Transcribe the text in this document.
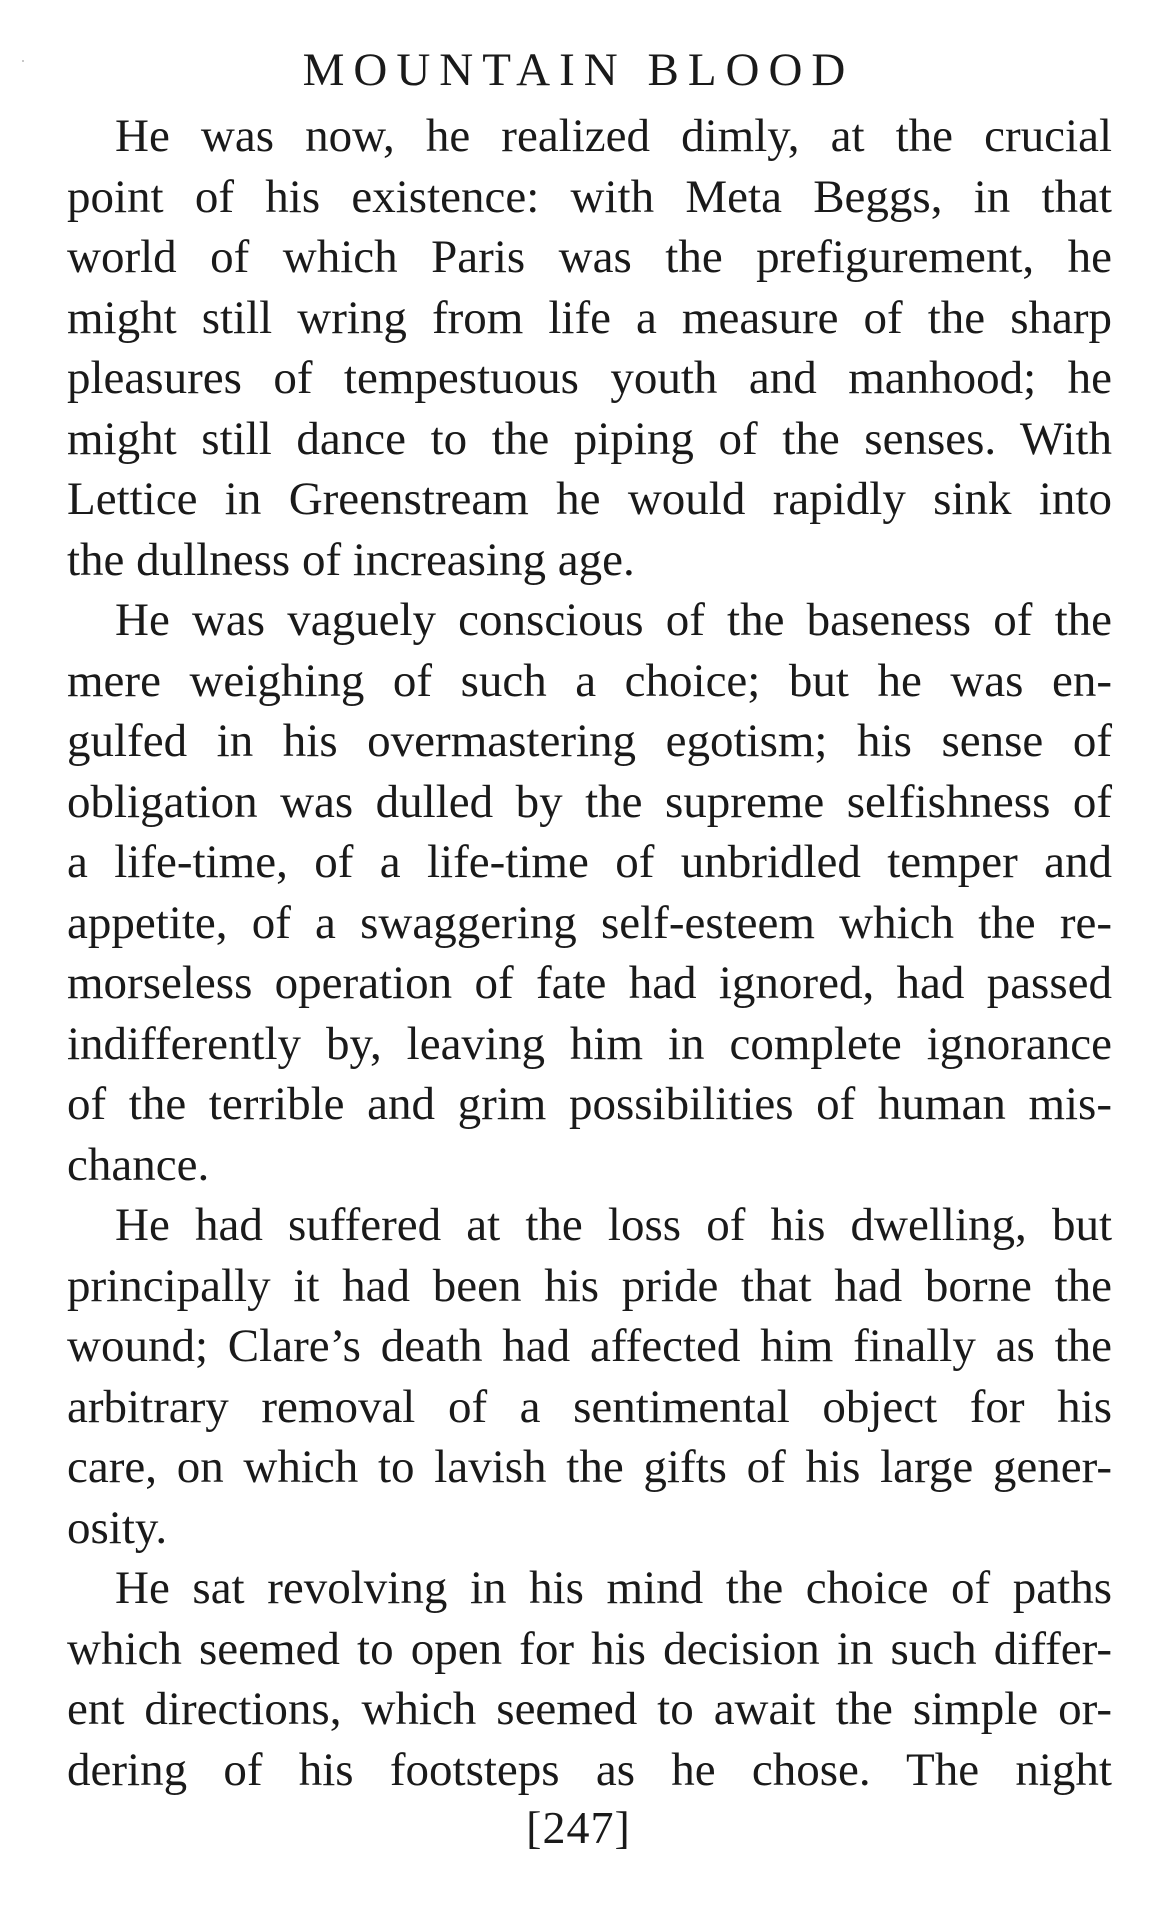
MOUNTAIN BLOOD

He was now, he realized dimly, at the crucial
point of his existence: with Meta Beggs, in that
world of which Paris was the prefigurement, he
might still wring from life a measure of the sharp
pleasures of tempestuous youth and manhood; he
might still dance to the piping of the senses. With
Lettice in Greenstream he would rapidly sink into
the dullness of increasing age.

He was vaguely conscious of the baseness of the
mere weighing of such a choice; but he was en-
gulfed in his overmastering egotism; his sense of
obligation was dulled by the supreme selfishness of
a life-time, of a life-time of unbridled temper and
appetite, of a swaggering self-esteem which the re-
morseless operation of fate had ignored, had passed
indifferently by, leaving him in complete ignorance
of the terrible and grim possibilities of human mis-
chance.

He had suffered at the loss of his dwelling, but
principally it had been his pride that had borne the
wound; Clare’s death had affected him finally as the
arbitrary removal of a sentimental object for his
care, on which to lavish the gifts of his large gener-
osity.

He sat revolving in his mind the choice of paths
which seemed to open for his decision in such differ-
ent directions, which seemed to await the simple or-
dering of his footsteps as he chose. The night

[247]
